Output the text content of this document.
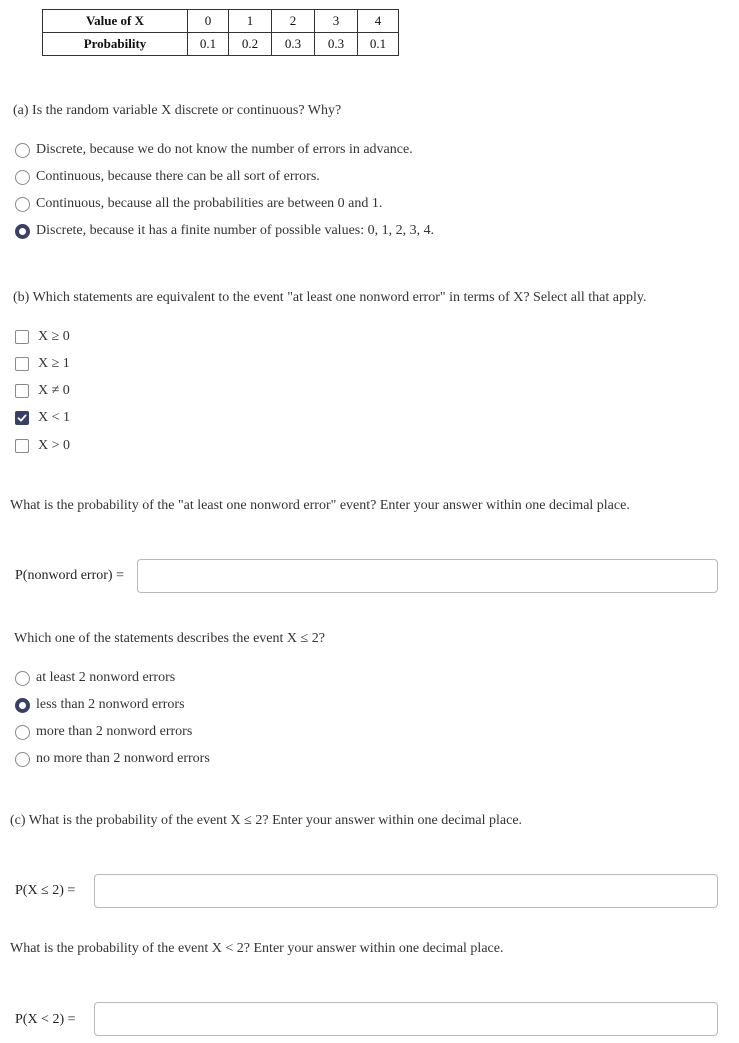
Value of X	0	1	2	3	4
Probability	0.1	0.2	0.3	0.3	0.1
(a) Is the random variable X discrete or continuous? Why?
Discrete, because we do not know the number of errors in advance.
Continuous, because there can be all sort of errors.
Continuous, because all the probabilities are between 0 and 1.
Discrete, because it has a finite number of possible values: 0, 1, 2, 3, 4.
(b) Which statements are equivalent to the event "at least one nonword error" in terms of X? Select all that apply.
X ≥ 0
X ≥ 1
X ≠ 0
X < 1
X > 0
What is the probability of the "at least one nonword error" event? Enter your answer within one decimal place.
P(nonword error) =
Which one of the statements describes the event X ≤ 2?
at least 2 nonword errors
less than 2 nonword errors
more than 2 nonword errors
no more than 2 nonword errors
(c) What is the probability of the event X ≤ 2? Enter your answer within one decimal place.
P(X ≤ 2) =
What is the probability of the event X < 2? Enter your answer within one decimal place.
P(X < 2) =
